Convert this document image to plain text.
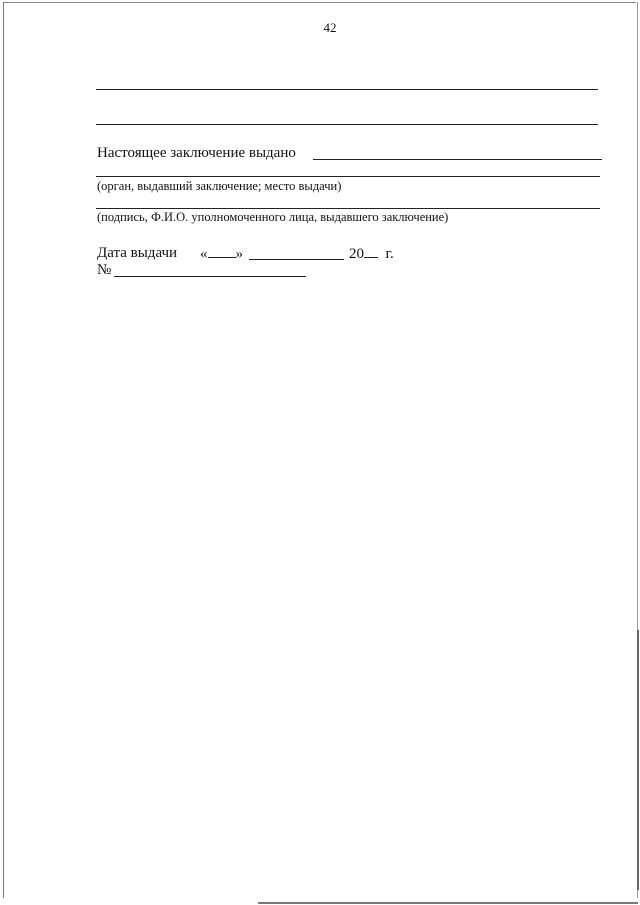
42
Настоящее заключение выдано
(орган, выдавший заключение; место выдачи)
(подпись, Ф.И.О. уполномоченного лица, выдавшего заключение)
Дата выдачи « »	20 г.
№
